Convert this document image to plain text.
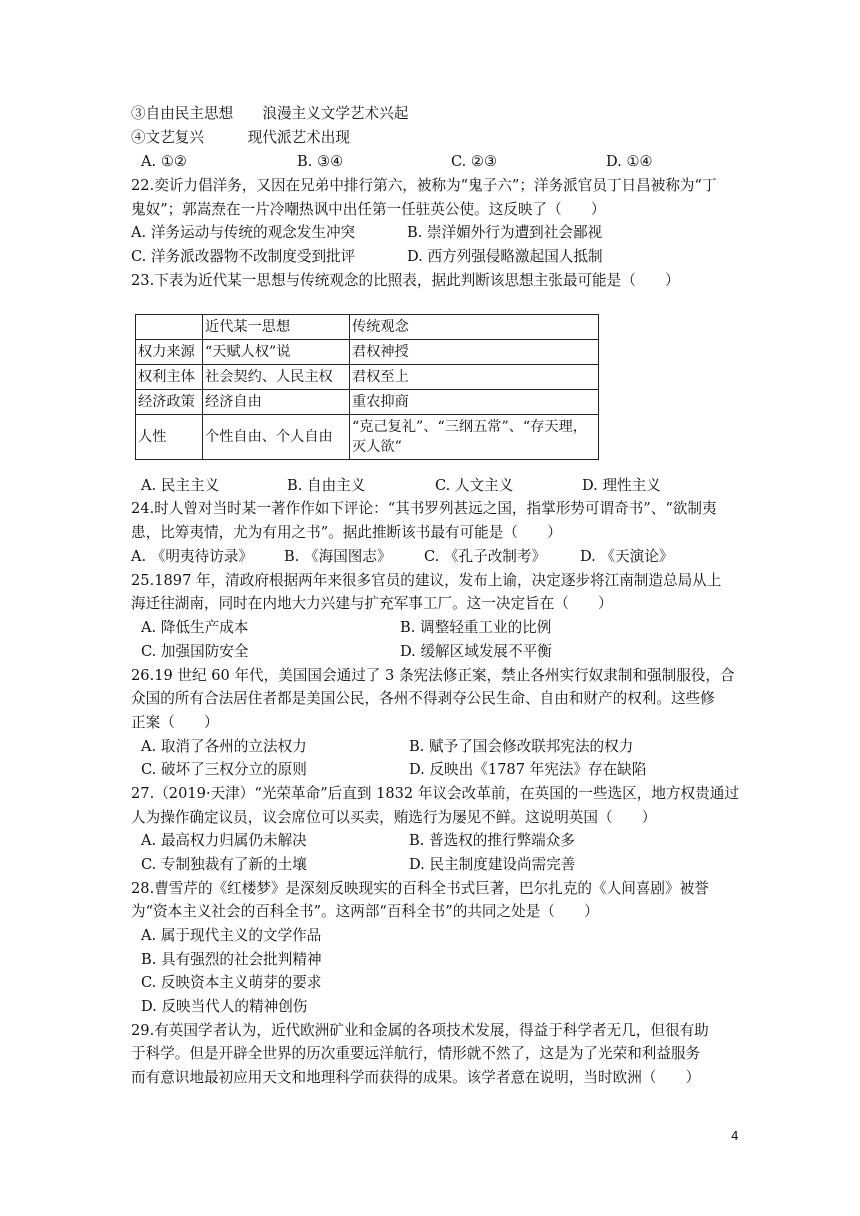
③自由民主思想　　浪漫主义文学艺术兴起
④文艺复兴　　　现代派艺术出现
A. ①②	B. ③④	C. ②③	D. ①④
22.奕䜣力倡洋务，又因在兄弟中排行第六，被称为“鬼子六”；洋务派官员丁日昌被称为“丁
鬼奴”；郭嵩焘在一片冷嘲热讽中出任第一任驻英公使。这反映了（　　）
A. 洋务运动与传统的观念发生冲突	B. 崇洋媚外行为遭到社会鄙视
C. 洋务派改器物不改制度受到批评	D. 西方列强侵略激起国人抵制
23.下表为近代某一思想与传统观念的比照表，据此判断该思想主张最可能是（　　）
	近代某一思想	传统观念
权力来源	“天赋人权”说	君权神授
权利主体	社会契约、人民主权	君权至上
经济政策	经济自由	重农抑商
人性	个性自由、个人自由	“克己复礼”、“三纲五常”、“存天理，
灭人欲”
A. 民主主义	B. 自由主义	C. 人文主义	D. 理性主义
24.时人曾对当时某一著作作如下评论：“其书罗列甚远之国，指掌形势可谓奇书”、“欲制夷
患，比筹夷情，尤为有用之书”。据此推断该书最有可能是（　　）
A. 《明夷待访录》 B. 《海国图志》 C. 《孔子改制考》 D. 《天演论》
25.1897 年，清政府根据两年来很多官员的建议，发布上谕，决定逐步将江南制造总局从上
海迁往湖南，同时在内地大力兴建与扩充军事工厂。这一决定旨在（　　）
A. 降低生产成本	B. 调整轻重工业的比例
C. 加强国防安全	D. 缓解区域发展不平衡
26.19 世纪 60 年代，美国国会通过了 3 条宪法修正案，禁止各州实行奴隶制和强制服役，合
众国的所有合法居住者都是美国公民，各州不得剥夺公民生命、自由和财产的权利。这些修
正案（　　）
A. 取消了各州的立法权力	B. 赋予了国会修改联邦宪法的权力
C. 破坏了三权分立的原则	D. 反映出《1787 年宪法》存在缺陷
27.（2019·天津）“光荣革命”后直到 1832 年议会改革前，在英国的一些选区，地方权贵通过
人为操作确定议员，议会席位可以买卖，贿选行为屡见不鲜。这说明英国（　　）
A. 最高权力归属仍未解决	B. 普选权的推行弊端众多
C. 专制独裁有了新的土壤	D. 民主制度建设尚需完善
28.曹雪芹的《红楼梦》是深刻反映现实的百科全书式巨著，巴尔扎克的《人间喜剧》被誉
为“资本主义社会的百科全书”。这两部“百科全书”的共同之处是（　　）
A. 属于现代主义的文学作品
B. 具有强烈的社会批判精神
C. 反映资本主义萌芽的要求
D. 反映当代人的精神创伤
29.有英国学者认为，近代欧洲矿业和金属的各项技术发展，得益于科学者无几，但很有助
于科学。但是开辟全世界的历次重要远洋航行，情形就不然了，这是为了光荣和利益服务
而有意识地最初应用天文和地理科学而获得的成果。该学者意在说明，当时欧洲（　　）
4
